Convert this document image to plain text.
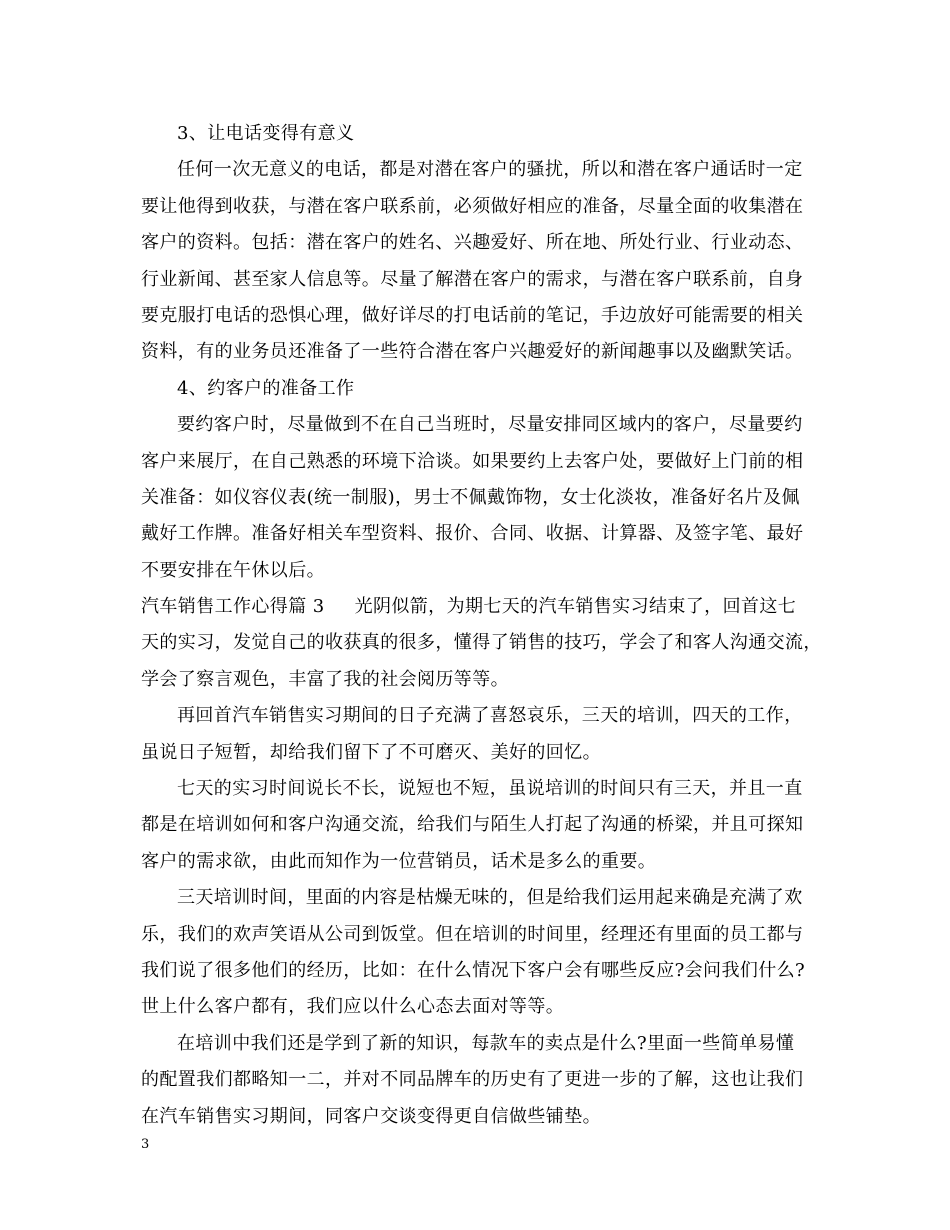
3、让电话变得有意义
任何一次无意义的电话，都是对潜在客户的骚扰，所以和潜在客户通话时一定
要让他得到收获，与潜在客户联系前，必须做好相应的准备，尽量全面的收集潜在
客户的资料。包括：潜在客户的姓名、兴趣爱好、所在地、所处行业、行业动态、
行业新闻、甚至家人信息等。尽量了解潜在客户的需求，与潜在客户联系前，自身
要克服打电话的恐惧心理，做好详尽的打电话前的笔记，手边放好可能需要的相关
资料，有的业务员还准备了一些符合潜在客户兴趣爱好的新闻趣事以及幽默笑话。
4、约客户的准备工作
要约客户时，尽量做到不在自己当班时，尽量安排同区域内的客户，尽量要约
客户来展厅，在自己熟悉的环境下洽谈。如果要约上去客户处，要做好上门前的相
关准备：如仪容仪表(统一制服)，男士不佩戴饰物，女士化淡妆，准备好名片及佩
戴好工作牌。准备好相关车型资料、报价、合同、收据、计算器、及签字笔、最好
不要安排在午休以后。
汽车销售工作心得篇 3 光阴似箭，为期七天的汽车销售实习结束了，回首这七
天的实习，发觉自己的收获真的很多，懂得了销售的技巧，学会了和客人沟通交流，
学会了察言观色，丰富了我的社会阅历等等。
再回首汽车销售实习期间的日子充满了喜怒哀乐，三天的培训，四天的工作，
虽说日子短暂，却给我们留下了不可磨灭、美好的回忆。
七天的实习时间说长不长，说短也不短，虽说培训的时间只有三天，并且一直
都是在培训如何和客户沟通交流，给我们与陌生人打起了沟通的桥梁，并且可探知
客户的需求欲，由此而知作为一位营销员，话术是多么的重要。
三天培训时间，里面的内容是枯燥无味的，但是给我们运用起来确是充满了欢
乐，我们的欢声笑语从公司到饭堂。但在培训的时间里，经理还有里面的员工都与
我们说了很多他们的经历，比如：在什么情况下客户会有哪些反应?会问我们什么?
世上什么客户都有，我们应以什么心态去面对等等。
在培训中我们还是学到了新的知识，每款车的卖点是什么?里面一些简单易懂
的配置我们都略知一二，并对不同品牌车的历史有了更进一步的了解，这也让我们
在汽车销售实习期间，同客户交谈变得更自信做些铺垫。
3
